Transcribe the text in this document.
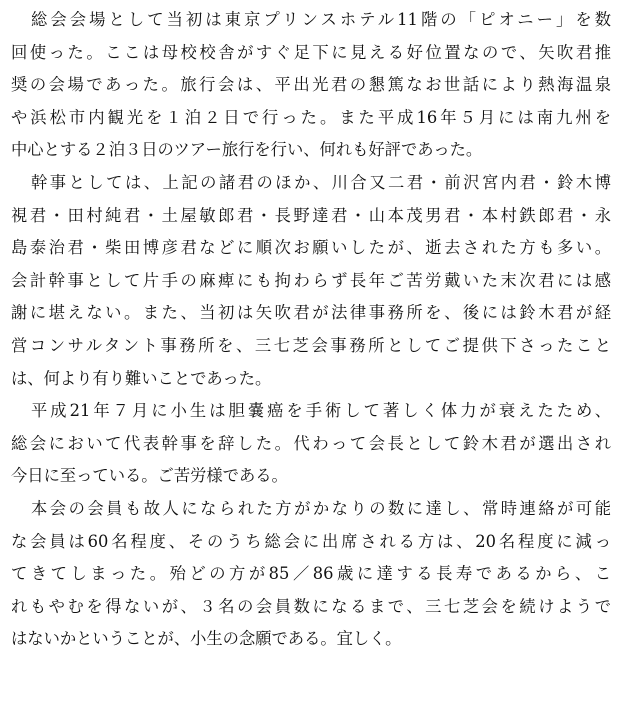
総会会場として当初は東京プリンスホテル11階の「ピオニー」を数
回使った。ここは母校校舎がすぐ足下に見える好位置なので、矢吹君推
奨の会場であった。旅行会は、平出光君の懇篤なお世話により熱海温泉
や浜松市内観光を１泊２日で行った。また平成16年５月には南九州を
中心とする２泊３日のツアー旅行を行い、何れも好評であった。
幹事としては、上記の諸君のほか、川合又二君・前沢宮内君・鈴木博
視君・田村純君・土屋敏郎君・長野達君・山本茂男君・本村鉄郎君・永
島泰治君・柴田博彦君などに順次お願いしたが、逝去された方も多い。
会計幹事として片手の麻痺にも拘わらず長年ご苦労戴いた末次君には感
謝に堪えない。また、当初は矢吹君が法律事務所を、後には鈴木君が経
営コンサルタント事務所を、三七芝会事務所としてご提供下さったこと
は、何より有り難いことであった。
平成21年７月に小生は胆嚢癌を手術して著しく体力が衰えたため、
総会において代表幹事を辞した。代わって会長として鈴木君が選出され
今日に至っている。ご苦労様である。
本会の会員も故人になられた方がかなりの数に達し、常時連絡が可能
な会員は60名程度、そのうち総会に出席される方は、20名程度に減っ
てきてしまった。殆どの方が85／86歳に達する長寿であるから、こ
れもやむを得ないが、３名の会員数になるまで、三七芝会を続けようで
はないかということが、小生の念願である。宜しく。
